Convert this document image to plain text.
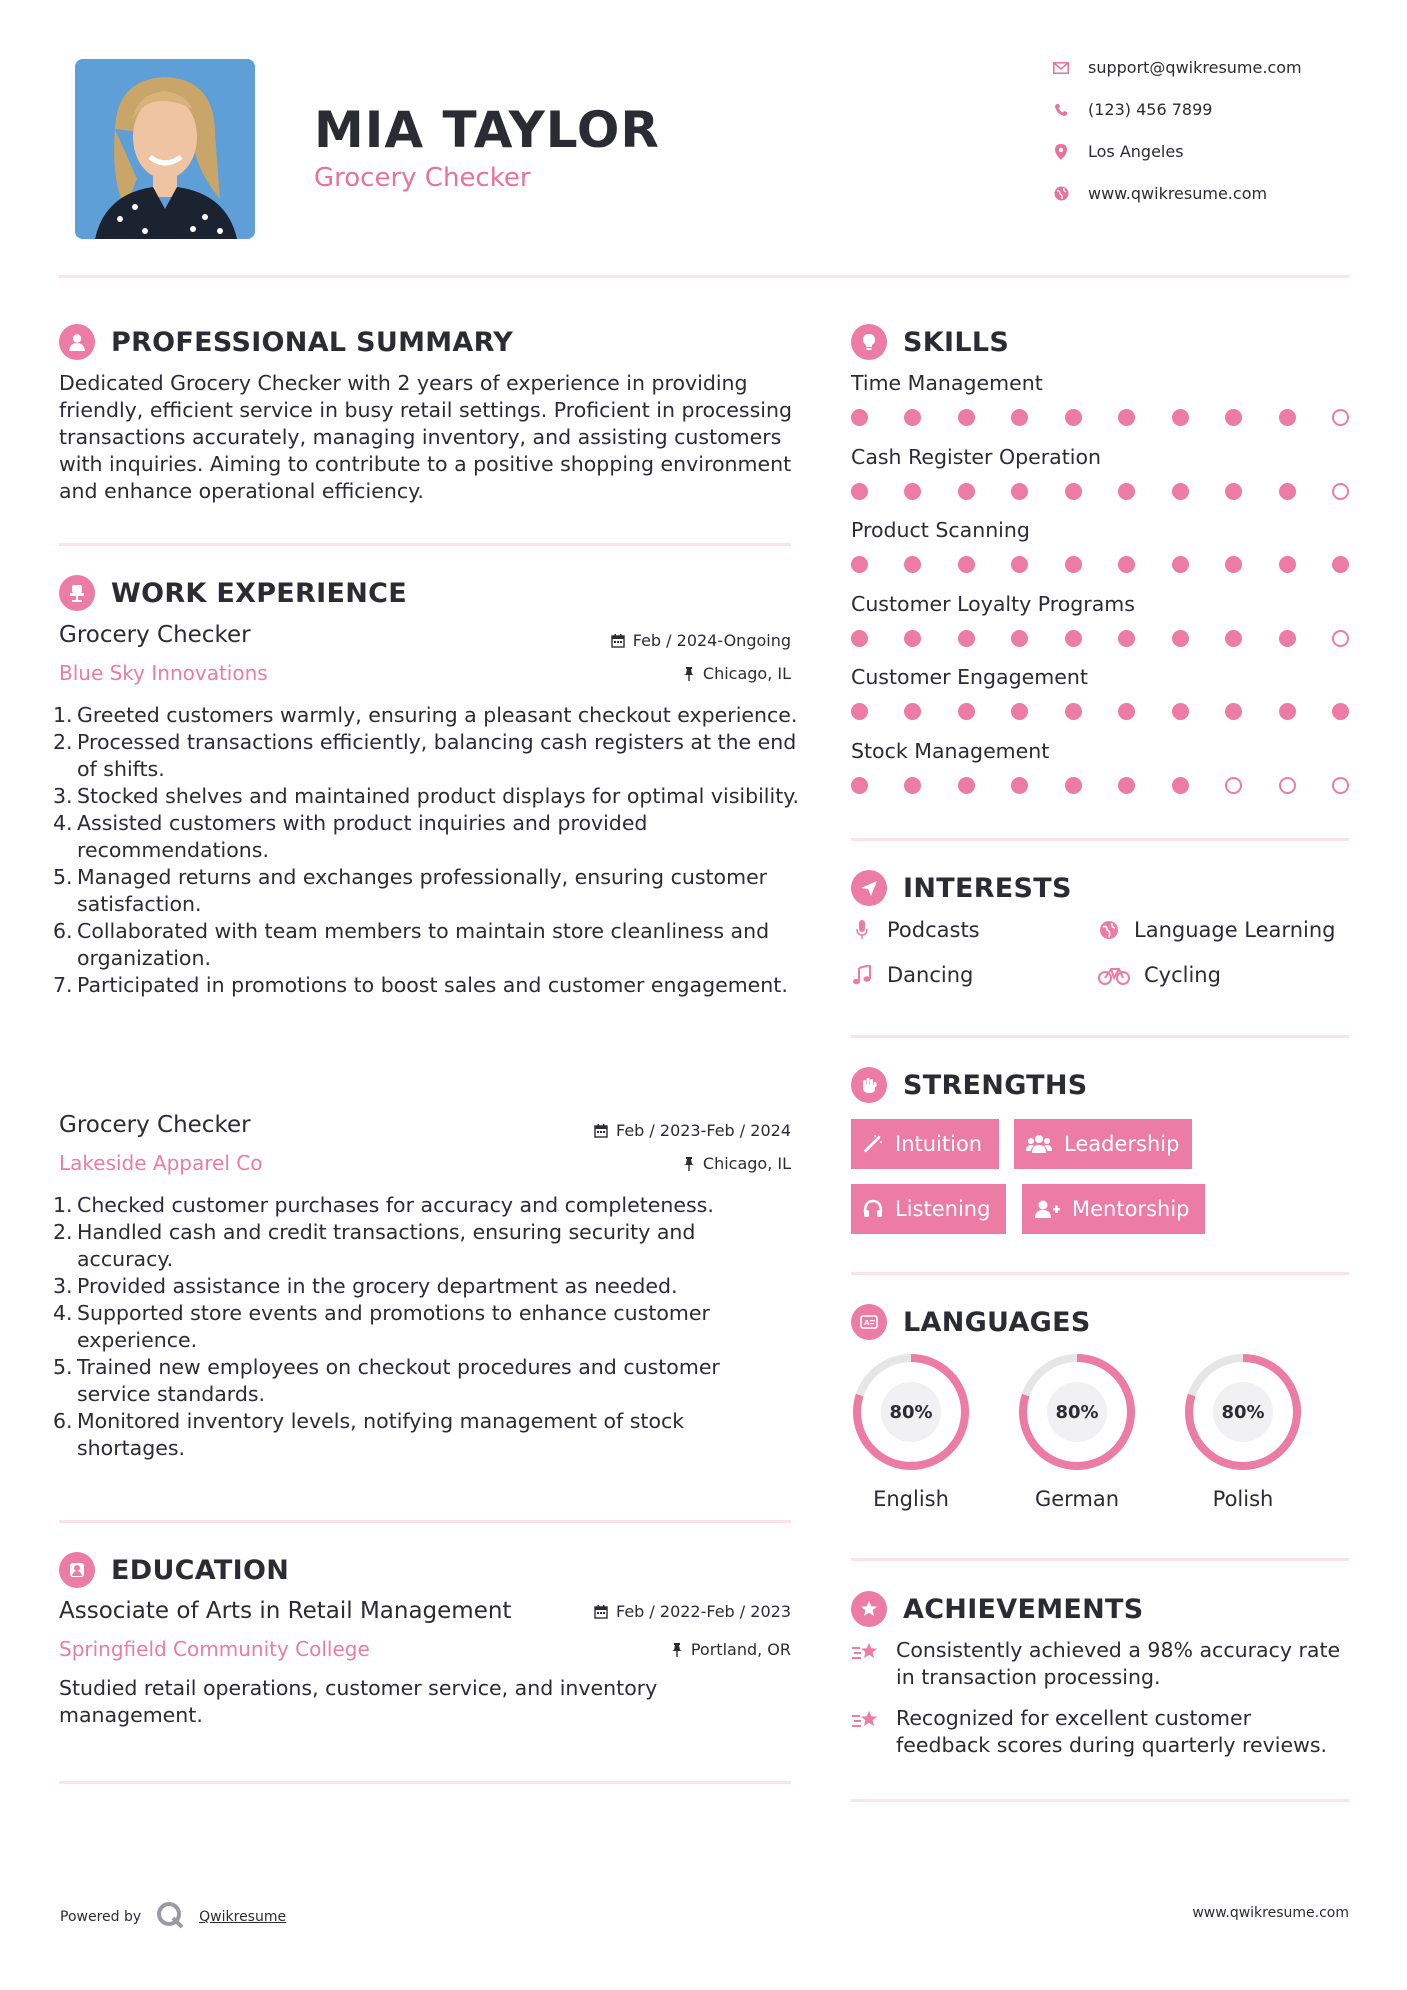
MIA TAYLOR
Grocery Checker
support@qwikresume.com
(123) 456 7899
Los Angeles
www.qwikresume.com
PROFESSIONAL SUMMARY
Dedicated Grocery Checker with 2 years of experience in providing friendly, efficient service in busy retail settings. Proficient in processing transactions accurately, managing inventory, and assisting customers with inquiries. Aiming to contribute to a positive shopping environment and enhance operational efficiency.
WORK EXPERIENCE
Grocery Checker
Blue Sky Innovations
Feb / 2024-Ongoing
Chicago, IL
Greeted customers warmly, ensuring a pleasant checkout experience.
Processed transactions efficiently, balancing cash registers at the end of shifts.
Stocked shelves and maintained product displays for optimal visibility.
Assisted customers with product inquiries and provided recommendations.
Managed returns and exchanges professionally, ensuring customer satisfaction.
Collaborated with team members to maintain store cleanliness and organization.
Participated in promotions to boost sales and customer engagement.
Grocery Checker
Lakeside Apparel Co
Feb / 2023-Feb / 2024
Chicago, IL
Checked customer purchases for accuracy and completeness.
Handled cash and credit transactions, ensuring security and accuracy.
Provided assistance in the grocery department as needed.
Supported store events and promotions to enhance customer experience.
Trained new employees on checkout procedures and customer service standards.
Monitored inventory levels, notifying management of stock shortages.
EDUCATION
Associate of Arts in Retail Management
Springfield Community College
Feb / 2022-Feb / 2023
Portland, OR
Studied retail operations, customer service, and inventory management.
SKILLS
Time Management
Cash Register Operation
Product Scanning
Customer Loyalty Programs
Customer Engagement
Stock Management
INTERESTS
Podcasts	Language Learning
Dancing	Cycling
STRENGTHS
Intuition	Leadership
Listening	Mentorship
A LANGUAGES
80%
English
80%
German
80%
Polish
ACHIEVEMENTS
Consistently achieved a 98% accuracy rate in transaction processing.
Recognized for excellent customer feedback scores during quarterly reviews.
Powered by	Qwikresume	www.qwikresume.com
